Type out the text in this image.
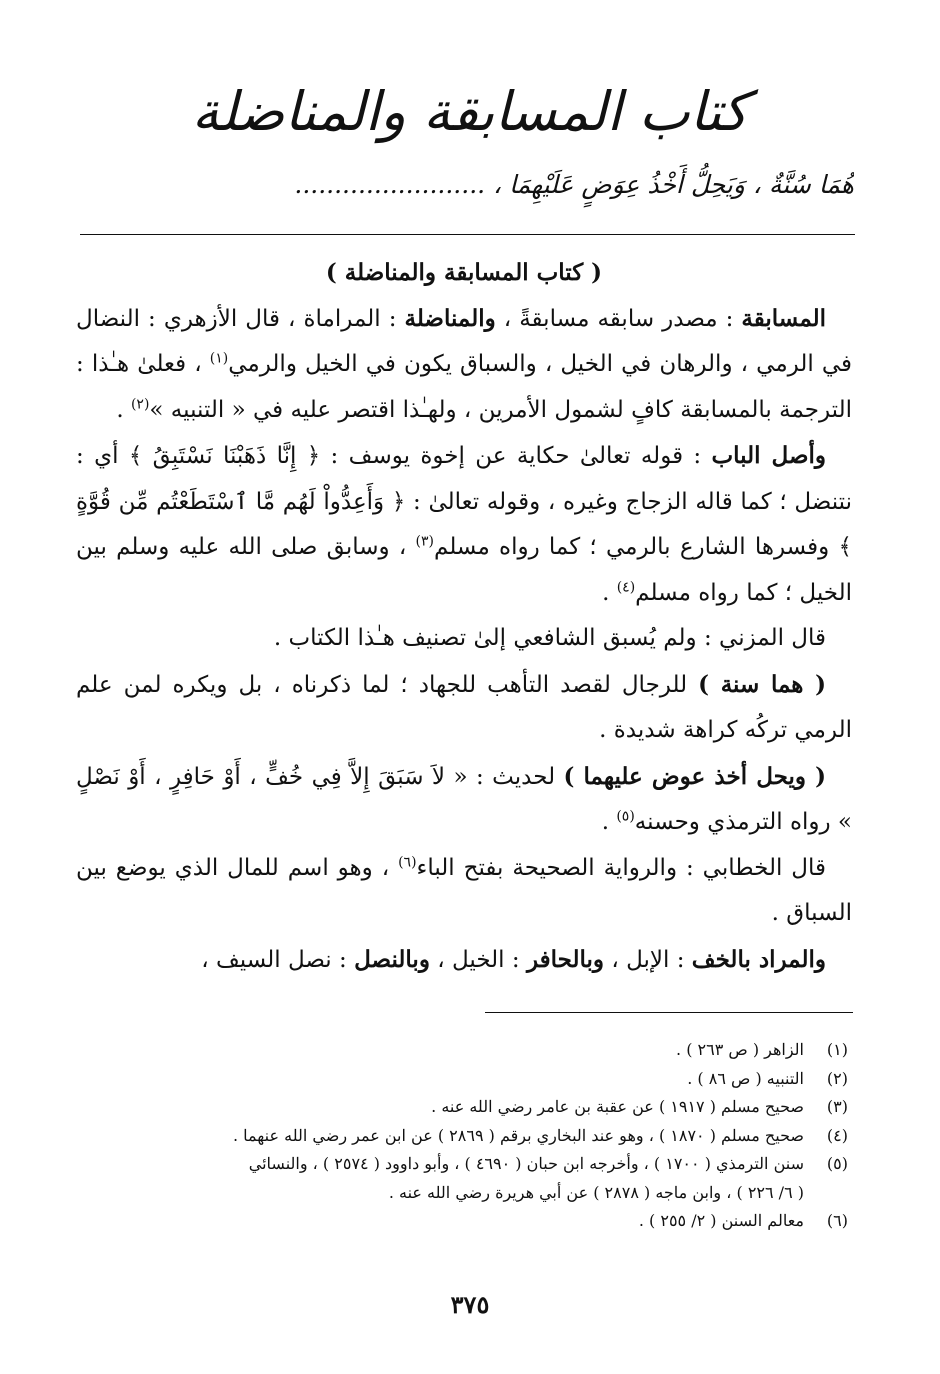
كتاب المسابقة والمناضلة
هُمَا سُنَّةٌ ، وَيَحِلُّ أَخْذُ عِوَضٍ عَلَيْهِمَا ، ........................

( كتاب المسابقة والمناضلة )

المسابقة : مصدر سابقه مسابقةً ، والمناضلة : المراماة ، قال الأزهري : النضال في الرمي ، والرهان في الخيل ، والسباق يكون في الخيل والرمي$^{(١)}$ ، فعلىٰ هـٰذا : الترجمة بالمسابقة كافٍ لشمول الأمرين ، ولهـٰذا اقتصر عليه في « التنبيه »$^{(٢)}$ .

وأصل الباب : قوله تعالىٰ حكاية عن إخوة يوسف : ﴿ إِنَّا ذَهَبْنَا نَسْتَبِقُ ﴾ أي : نتنضل ؛ كما قاله الزجاج وغيره ، وقوله تعالىٰ : ﴿ وَأَعِدُّواْ لَهُم مَّا ٱسْتَطَعْتُم مِّن قُوَّةٍ ﴾ وفسرها الشارع بالرمي ؛ كما رواه مسلم$^{(٣)}$ ، وسابق صلى الله عليه وسلم بين الخيل ؛ كما رواه مسلم$^{(٤)}$ .

قال المزني : ولم يُسبق الشافعي إلىٰ تصنيف هـٰذا الكتاب .

( هما سنة ) للرجال لقصد التأهب للجهاد ؛ لما ذكرناه ، بل ويكره لمن علم الرمي تركُه كراهة شديدة .

( ويحل أخذ عوض عليهما ) لحديث : « لاَ سَبَقَ إِلاَّ فِي خُفٍّ ، أَوْ حَافِرٍ ، أَوْ نَصْلٍ » رواه الترمذي وحسنه$^{(٥)}$ .

قال الخطابي : والرواية الصحيحة بفتح الباء$^{(٦)}$ ، وهو اسم للمال الذي يوضع بين السباق .

والمراد بالخف : الإبل ، وبالحافر : الخيل ، وبالنصل : نصل السيف ،

(١)
الزاهر ( ص ٢٦٣ ) .
(٢)
التنبيه ( ص ٨٦ ) .
(٣)
صحيح مسلم ( ١٩١٧ ) عن عقبة بن عامر رضي الله عنه .
(٤)
صحيح مسلم ( ١٨٧٠ ) ، وهو عند البخاري برقم ( ٢٨٦٩ ) عن ابن عمر رضي الله عنهما .
(٥)
سنن الترمذي ( ١٧٠٠ ) ، وأخرجه ابن حبان ( ٤٦٩٠ ) ، وأبو داوود ( ٢٥٧٤ ) ، والنسائي
( ٦/ ٢٢٦ ) ، وابن ماجه ( ٢٨٧٨ ) عن أبي هريرة رضي الله عنه .
(٦)
معالم السنن ( ٢/ ٢٥٥ ) .
٣٧٥
